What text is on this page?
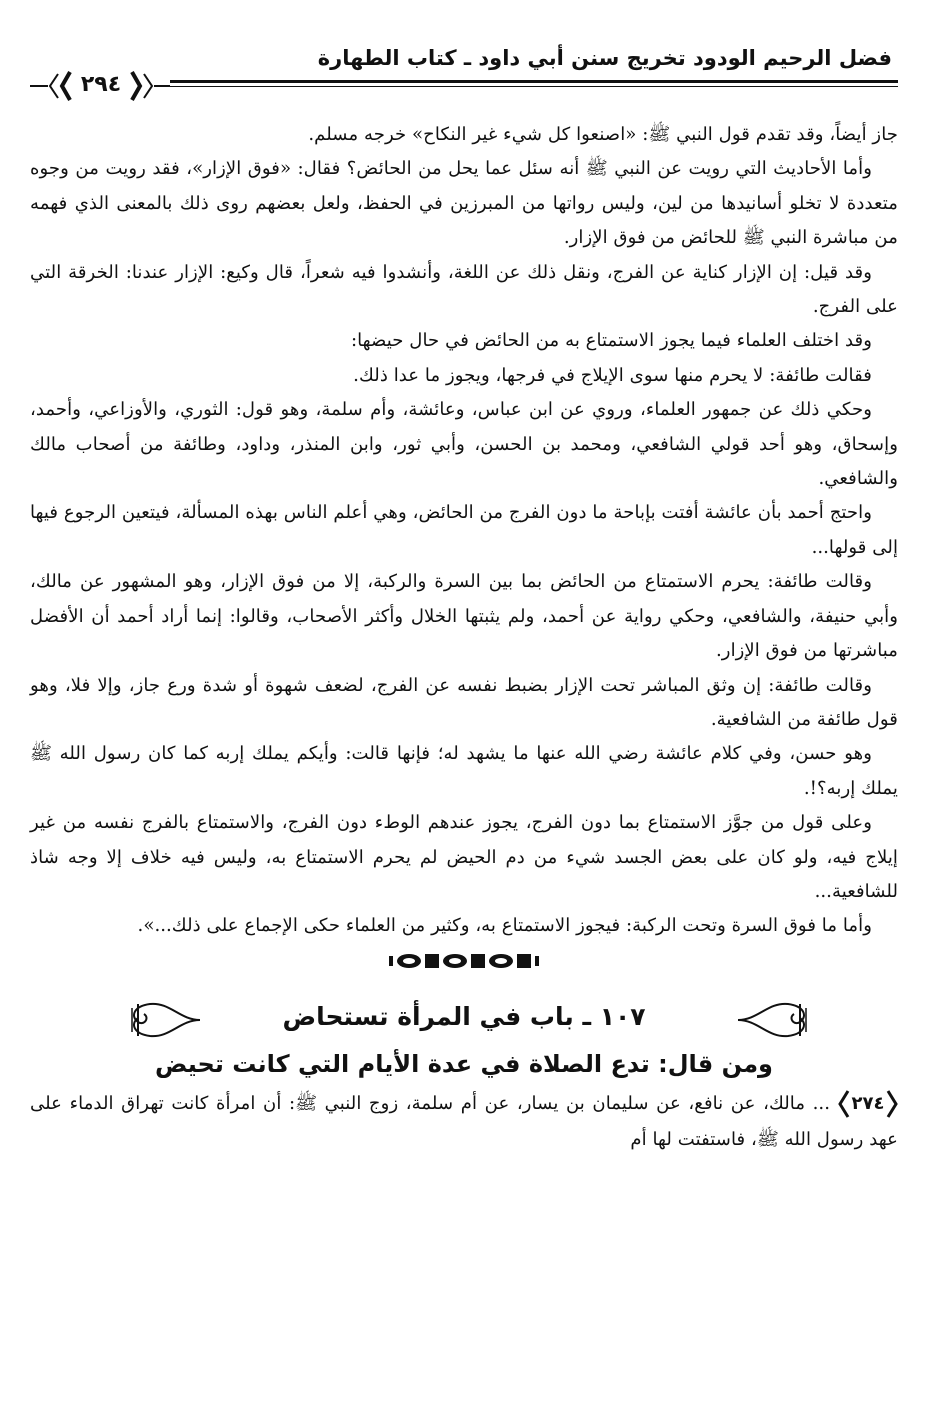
فضل الرحيم الودود تخريج سنن أبي داود ـ كتاب الطهارة
٢٩٤

جاز أيضاً، وقد تقدم قول النبي ﷺ: «اصنعوا كل شيء غير النكاح» خرجه مسلم.

وأما الأحاديث التي رويت عن النبي ﷺ أنه سئل عما يحل من الحائض؟ فقال: «فوق الإزار»، فقد رويت من وجوه متعددة لا تخلو أسانيدها من لين، وليس رواتها من المبرزين في الحفظ، ولعل بعضهم روى ذلك بالمعنى الذي فهمه من مباشرة النبي ﷺ للحائض من فوق الإزار.

وقد قيل: إن الإزار كناية عن الفرج، ونقل ذلك عن اللغة، وأنشدوا فيه شعراً، قال وكيع: الإزار عندنا: الخرقة التي على الفرج.

وقد اختلف العلماء فيما يجوز الاستمتاع به من الحائض في حال حيضها:

فقالت طائفة: لا يحرم منها سوى الإيلاج في فرجها، ويجوز ما عدا ذلك.

وحكي ذلك عن جمهور العلماء، وروي عن ابن عباس، وعائشة، وأم سلمة، وهو قول: الثوري، والأوزاعي، وأحمد، وإسحاق، وهو أحد قولي الشافعي، ومحمد بن الحسن، وأبي ثور، وابن المنذر، وداود، وطائفة من أصحاب مالك والشافعي.

واحتج أحمد بأن عائشة أفتت بإباحة ما دون الفرج من الحائض، وهي أعلم الناس بهذه المسألة، فيتعين الرجوع فيها إلى قولها...

وقالت طائفة: يحرم الاستمتاع من الحائض بما بين السرة والركبة، إلا من فوق الإزار، وهو المشهور عن مالك، وأبي حنيفة، والشافعي، وحكي رواية عن أحمد، ولم يثبتها الخلال وأكثر الأصحاب، وقالوا: إنما أراد أحمد أن الأفضل مباشرتها من فوق الإزار.

وقالت طائفة: إن وثق المباشر تحت الإزار بضبط نفسه عن الفرج، لضعف شهوة أو شدة ورع جاز، وإلا فلا، وهو قول طائفة من الشافعية.

وهو حسن، وفي كلام عائشة رضي الله عنها ما يشهد له؛ فإنها قالت: وأيكم يملك إربه كما كان رسول الله ﷺ يملك إربه؟!.

وعلى قول من جوَّز الاستمتاع بما دون الفرج، يجوز عندهم الوطء دون الفرج، والاستمتاع بالفرج نفسه من غير إيلاج فيه، ولو كان على بعض الجسد شيء من دم الحيض لم يحرم الاستمتاع به، وليس فيه خلاف إلا وجه شاذ للشافعية...

وأما ما فوق السرة وتحت الركبة: فيجوز الاستمتاع به، وكثير من العلماء حكى الإجماع على ذلك...».

١٠٧ ـ باب في المرأة تستحاض
ومن قال: تدع الصلاة في عدة الأيام التي كانت تحيض

٢٧٤
... مالك، عن نافع، عن سليمان بن يسار، عن أم سلمة، زوج النبي ﷺ: أن امرأة كانت تهراق الدماء على عهد رسول الله ﷺ، فاستفتت لها أم
